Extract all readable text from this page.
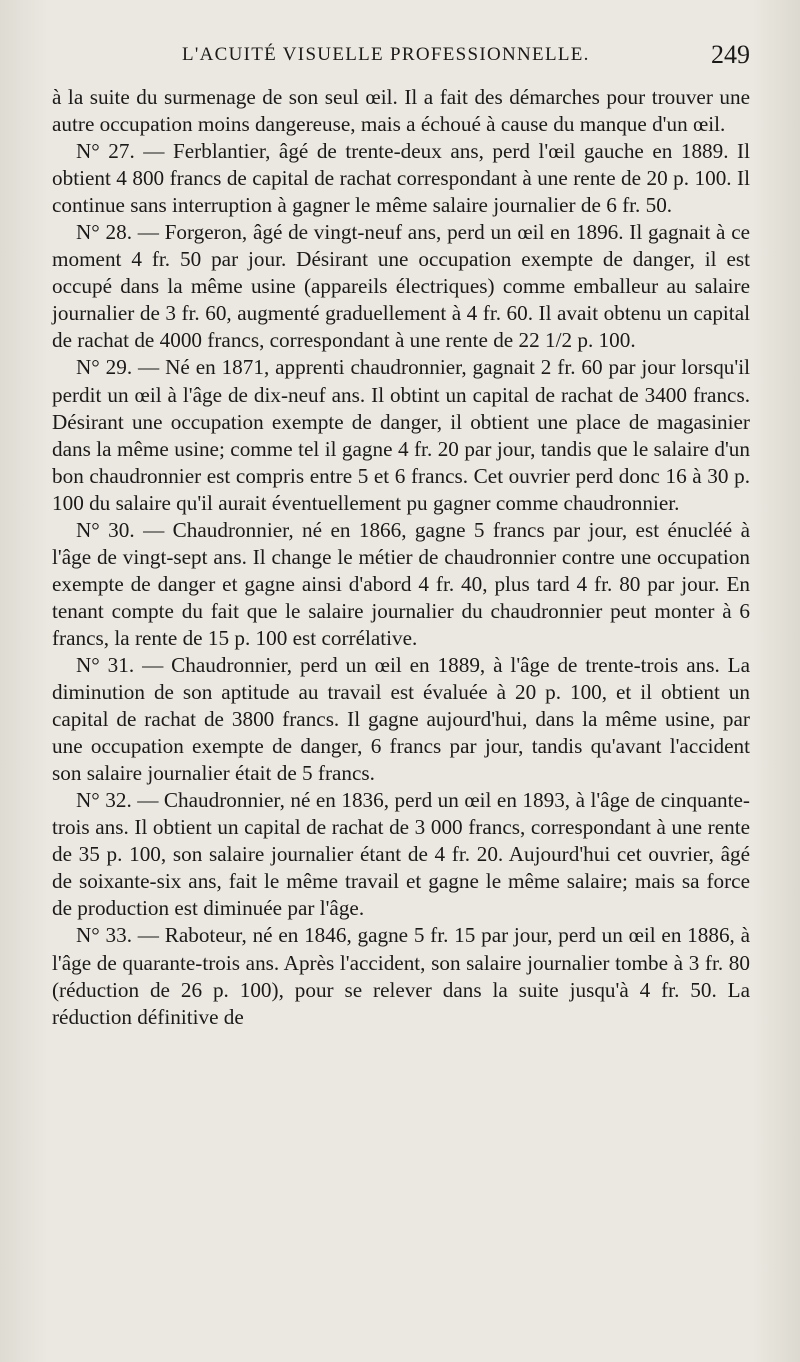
L'ACUITÉ VISUELLE PROFESSIONNELLE.	249

à la suite du surmenage de son seul œil. Il a fait des démarches pour trouver une autre occupation moins dangereuse, mais a échoué à cause du manque d'un œil.

N° 27. — Ferblantier, âgé de trente-deux ans, perd l'œil gauche en 1889. Il obtient 4 800 francs de capital de rachat correspondant à une rente de 20 p. 100. Il continue sans interruption à gagner le même salaire journalier de 6 fr. 50.

N° 28. — Forgeron, âgé de vingt-neuf ans, perd un œil en 1896. Il gagnait à ce moment 4 fr. 50 par jour. Désirant une occupation exempte de danger, il est occupé dans la même usine (appareils électriques) comme emballeur au salaire journalier de 3 fr. 60, augmenté graduellement à 4 fr. 60. Il avait obtenu un capital de rachat de 4000 francs, correspondant à une rente de 22 1/2 p. 100.

N° 29. — Né en 1871, apprenti chaudronnier, gagnait 2 fr. 60 par jour lorsqu'il perdit un œil à l'âge de dix-neuf ans. Il obtint un capital de rachat de 3400 francs. Désirant une occupation exempte de danger, il obtient une place de magasinier dans la même usine; comme tel il gagne 4 fr. 20 par jour, tandis que le salaire d'un bon chaudronnier est compris entre 5 et 6 francs. Cet ouvrier perd donc 16 à 30 p. 100 du salaire qu'il aurait éventuellement pu gagner comme chaudronnier.

N° 30. — Chaudronnier, né en 1866, gagne 5 francs par jour, est énucléé à l'âge de vingt-sept ans. Il change le métier de chaudronnier contre une occupation exempte de danger et gagne ainsi d'abord 4 fr. 40, plus tard 4 fr. 80 par jour. En tenant compte du fait que le salaire journalier du chaudronnier peut monter à 6 francs, la rente de 15 p. 100 est corrélative.

N° 31. — Chaudronnier, perd un œil en 1889, à l'âge de trente-trois ans. La diminution de son aptitude au travail est évaluée à 20 p. 100, et il obtient un capital de rachat de 3800 francs. Il gagne aujourd'hui, dans la même usine, par une occupation exempte de danger, 6 francs par jour, tandis qu'avant l'accident son salaire journalier était de 5 francs.

N° 32. — Chaudronnier, né en 1836, perd un œil en 1893, à l'âge de cinquante-trois ans. Il obtient un capital de rachat de 3 000 francs, correspondant à une rente de 35 p. 100, son salaire journalier étant de 4 fr. 20. Aujourd'hui cet ouvrier, âgé de soixante-six ans, fait le même travail et gagne le même salaire; mais sa force de production est diminuée par l'âge.

N° 33. — Raboteur, né en 1846, gagne 5 fr. 15 par jour, perd un œil en 1886, à l'âge de quarante-trois ans. Après l'accident, son salaire journalier tombe à 3 fr. 80 (réduction de 26 p. 100), pour se relever dans la suite jusqu'à 4 fr. 50. La réduction définitive de
